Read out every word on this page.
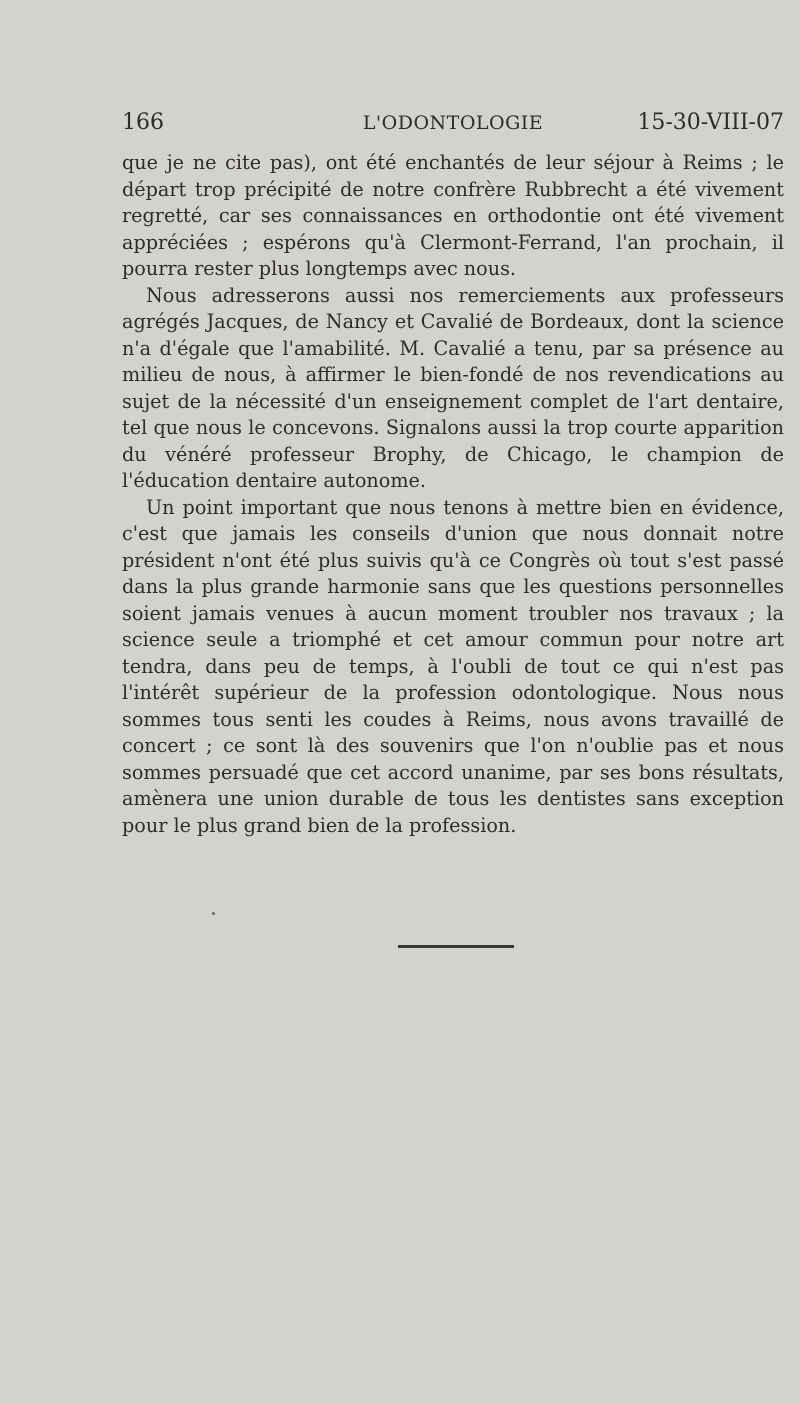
166	L'ODONTOLOGIE	15-30-VIII-07

que je ne cite pas), ont été enchantés de leur séjour à Reims ; le départ trop précipité de notre confrère Rubbrecht a été vivement regretté, car ses connaissances en orthodontie ont été vivement appréciées ; espérons qu'à Clermont-Ferrand, l'an prochain, il pourra rester plus longtemps avec nous.

Nous adresserons aussi nos remerciements aux professeurs agrégés Jacques, de Nancy et Cavalié de Bordeaux, dont la science n'a d'égale que l'amabilité. M. Cavalié a tenu, par sa présence au milieu de nous, à affirmer le bien-fondé de nos revendications au sujet de la nécessité d'un enseignement complet de l'art dentaire, tel que nous le concevons. Signalons aussi la trop courte apparition du vénéré professeur Brophy, de Chicago, le champion de l'éducation dentaire autonome.

Un point important que nous tenons à mettre bien en évidence, c'est que jamais les conseils d'union que nous donnait notre président n'ont été plus suivis qu'à ce Congrès où tout s'est passé dans la plus grande harmonie sans que les questions personnelles soient jamais venues à aucun moment troubler nos travaux ; la science seule a triomphé et cet amour commun pour notre art tendra, dans peu de temps, à l'oubli de tout ce qui n'est pas l'intérêt supérieur de la profession odontologique. Nous nous sommes tous senti les coudes à Reims, nous avons travaillé de concert ; ce sont là des souvenirs que l'on n'oublie pas et nous sommes persuadé que cet accord unanime, par ses bons résultats, amènera une union durable de tous les dentistes sans exception pour le plus grand bien de la profession.
